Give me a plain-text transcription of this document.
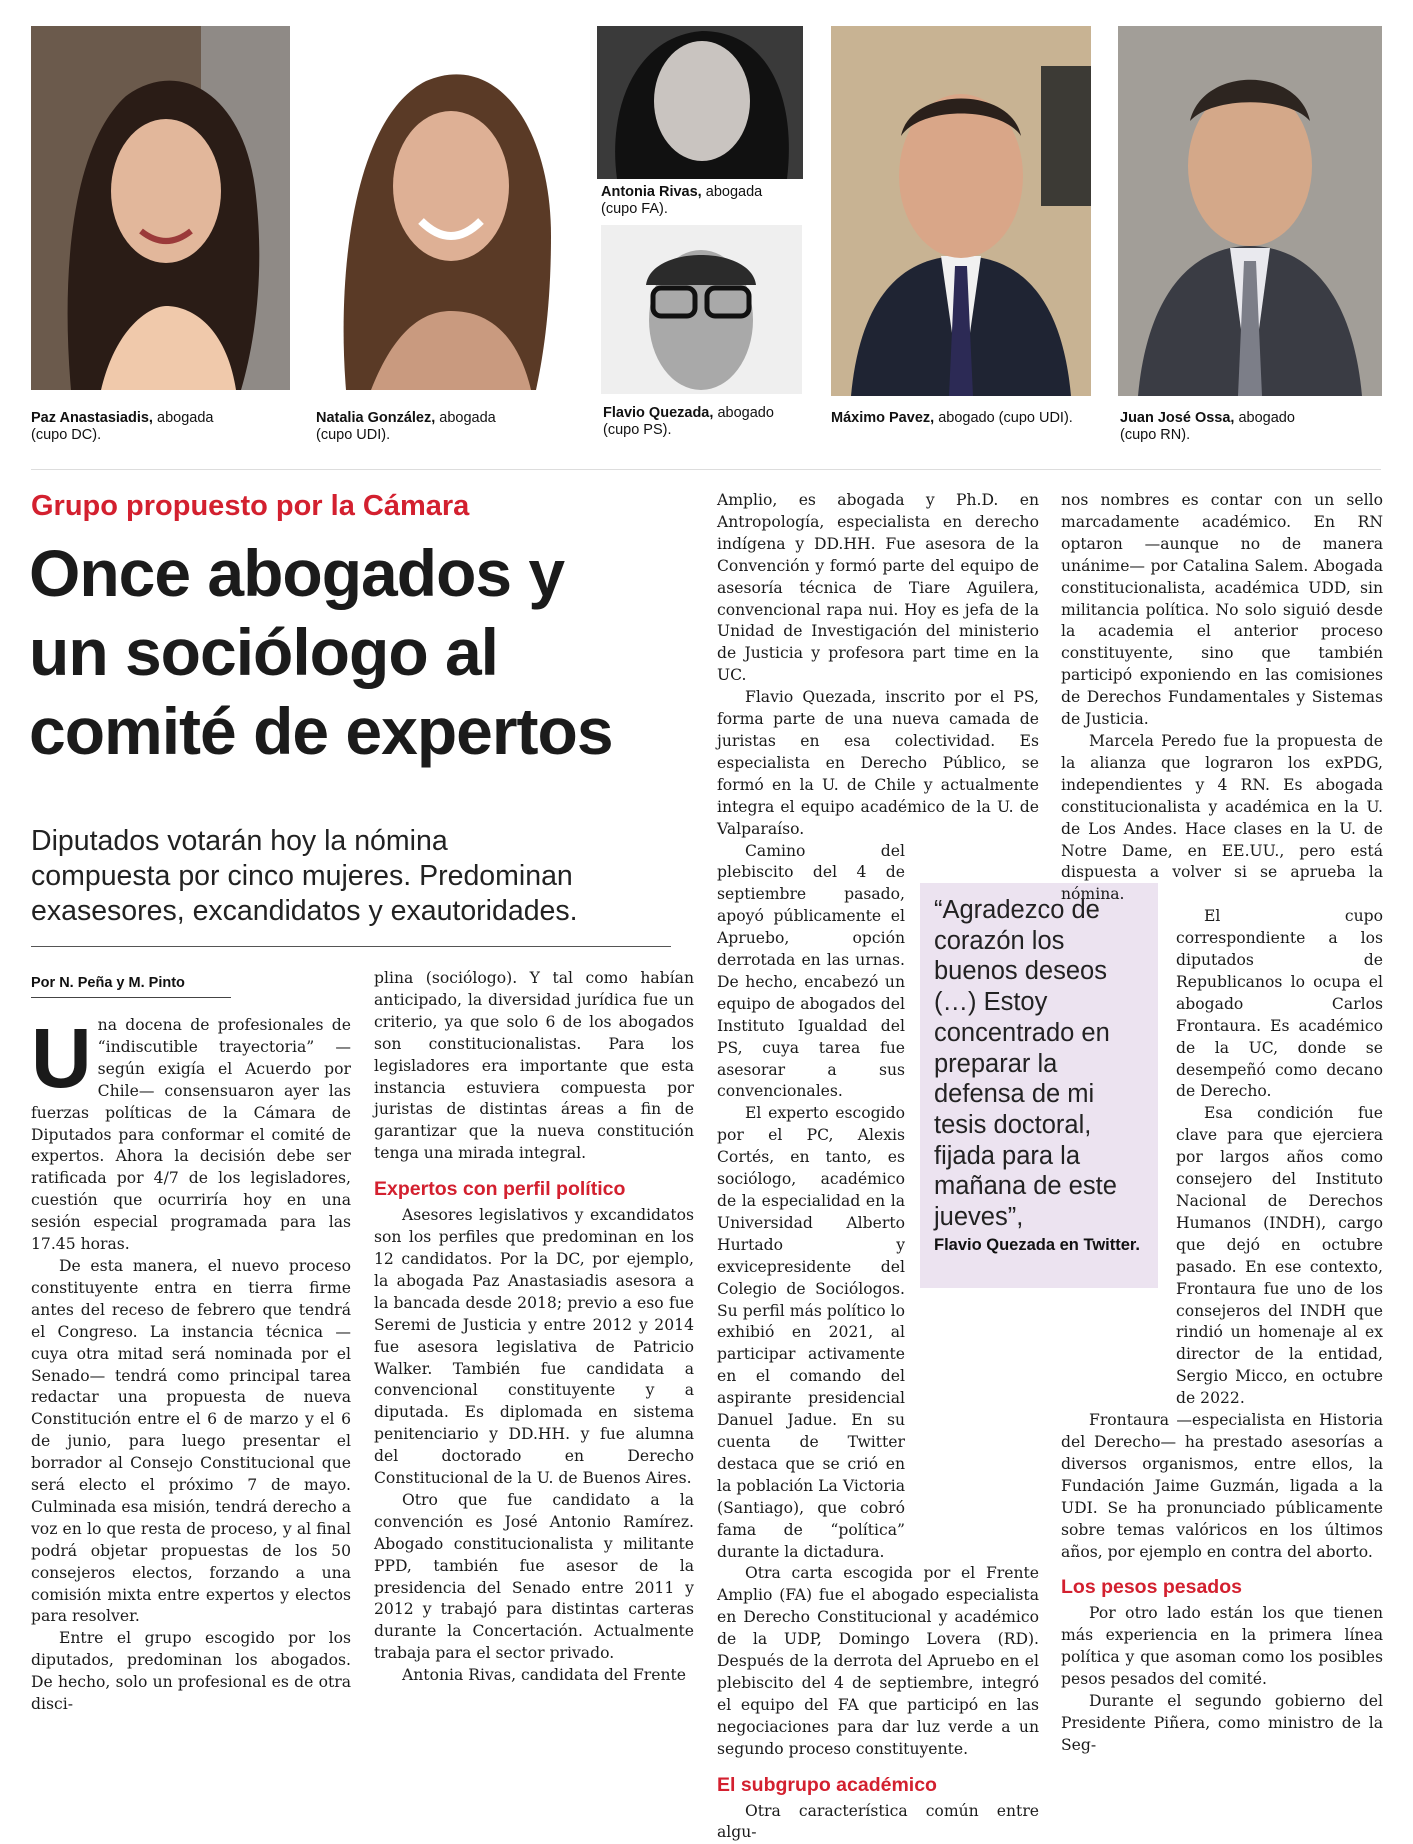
Paz Anastasiadis, abogada
(cupo DC).
Natalia González, abogada
(cupo UDI).
Antonia Rivas, abogada
(cupo FA).
Flavio Quezada, abogado
(cupo PS).
Máximo Pavez, abogado (cupo UDI).	Juan José Ossa, abogado
(cupo RN).
Grupo propuesto por la Cámara
Once abogados y
un sociólogo al
comité de expertos
Diputados votarán hoy la nómina
compuesta por cinco mujeres. Predominan
exasesores, excandidatos y exautoridades.
Por N. Peña y M. Pinto

Una docena de profesionales de “indiscutible trayectoria” —según exigía el Acuerdo por Chile— consensuaron ayer las fuerzas políticas de la Cámara de Diputados para conformar el comité de expertos. Ahora la decisión debe ser ratificada por 4/7 de los legisladores, cuestión que ocurriría hoy en una sesión especial programada para las 17.45 horas.

De esta manera, el nuevo proceso constituyente entra en tierra firme antes del receso de febrero que tendrá el Congreso. La instancia técnica —cuya otra mitad será nominada por el Senado— tendrá como principal tarea redactar una propuesta de nueva Constitución entre el 6 de marzo y el 6 de junio, para luego presentar el borrador al Consejo Constitucional que será electo el próximo 7 de mayo. Culminada esa misión, tendrá derecho a voz en lo que resta de proceso, y al final podrá objetar propuestas de los 50 consejeros electos, forzando a una comisión mixta entre expertos y electos para resolver.

Entre el grupo escogido por los diputados, predominan los abogados. De hecho, solo un profesional es de otra disci-

plina (sociólogo). Y tal como habían anticipado, la diversidad jurídica fue un criterio, ya que solo 6 de los abogados son constitucionalistas. Para los legisladores era importante que esta instancia estuviera compuesta por juristas de distintas áreas a fin de garantizar que la nueva constitución tenga una mirada integral.

Expertos con perfil político

Asesores legislativos y excandidatos son los perfiles que predominan en los 12 candidatos. Por la DC, por ejemplo, la abogada Paz Anastasiadis asesora a la bancada desde 2018; previo a eso fue Seremi de Justicia y entre 2012 y 2014 fue asesora legislativa de Patricio Walker. También fue candidata a convencional constituyente y a diputada. Es diplomada en sistema penitenciario y DD.HH. y fue alumna del doctorado en Derecho Constitucional de la U. de Buenos Aires.

Otro que fue candidato a la convención es José Antonio Ramírez. Abogado constitucionalista y militante PPD, también fue asesor de la presidencia del Senado entre 2011 y 2012 y trabajó para distintas carteras durante la Concertación. Actualmente trabaja para el sector privado.

Antonia Rivas, candidata del Frente

Amplio, es abogada y Ph.D. en Antropología, especialista en derecho indígena y DD.HH. Fue asesora de la Convención y formó parte del equipo de asesoría técnica de Tiare Aguilera, convencional rapa nui. Hoy es jefa de la Unidad de Investigación del ministerio de Justicia y profesora part time en la UC.

Flavio Quezada, inscrito por el PS, forma parte de una nueva camada de juristas en esa colectividad. Es especialista en Derecho Público, se formó en la U. de Chile y actualmente integra el equipo académico de la U. de Valparaíso.

Camino del plebiscito del 4 de septiembre pasado, apoyó públicamente el Apruebo, opción derrotada en las urnas. De hecho, encabezó un equipo de abogados del Instituto Igualdad del PS, cuya tarea fue asesorar a sus convencionales.

El experto escogido por el PC, Alexis Cortés, en tanto, es sociólogo, académico de la especialidad en la Universidad Alberto Hurtado y exvicepresidente del Colegio de Sociólogos. Su perfil más político lo exhibió en 2021, al participar activamente en el comando del aspirante presidencial Danuel Jadue. En su cuenta de Twitter destaca que se crió en la población La Victoria (Santiago), que cobró fama de “política” durante la dictadura.

Otra carta escogida por el Frente Amplio (FA) fue el abogado especialista en Derecho Constitucional y académico de la UDP, Domingo Lovera (RD). Después de la derrota del Apruebo en el plebiscito del 4 de septiembre, integró el equipo del FA que participó en las negociaciones para dar luz verde a un segundo proceso constituyente.

El subgrupo académico

Otra característica común entre algu-

“Agradezco de corazón los buenos deseos (…) Estoy concentrado en preparar la defensa de mi tesis doctoral, fijada para la mañana de este jueves”,
Flavio Quezada en Twitter.

nos nombres es contar con un sello marcadamente académico. En RN optaron —aunque no de manera unánime— por Catalina Salem. Abogada constitucionalista, académica UDD, sin militancia política. No solo siguió desde la academia el anterior proceso constituyente, sino que también participó exponiendo en las comisiones de Derechos Fundamentales y Sistemas de Justicia.

Marcela Peredo fue la propuesta de la alianza que lograron los exPDG, independientes y 4 RN. Es abogada constitucionalista y académica en la U. de Los Andes. Hace clases en la U. de Notre Dame, en EE.UU., pero está dispuesta a volver si se aprueba la nómina.

El cupo correspondiente a los diputados de Republicanos lo ocupa el abogado Carlos Frontaura. Es académico de la UC, donde se desempeñó como decano de Derecho.

Esa condición fue clave para que ejerciera por largos años como consejero del Instituto Nacional de Derechos Humanos (INDH), cargo que dejó en octubre pasado. En ese contexto, Frontaura fue uno de los consejeros del INDH que rindió un homenaje al ex director de la entidad, Sergio Micco, en octubre de 2022.

Frontaura —especialista en Historia del Derecho— ha prestado asesorías a diversos organismos, entre ellos, la Fundación Jaime Guzmán, ligada a la UDI. Se ha pronunciado públicamente sobre temas valóricos en los últimos años, por ejemplo en contra del aborto.

Los pesos pesados

Por otro lado están los que tienen más experiencia en la primera línea política y que asoman como los posibles pesos pesados del comité.

Durante el segundo gobierno del Presidente Piñera, como ministro de la Seg-
